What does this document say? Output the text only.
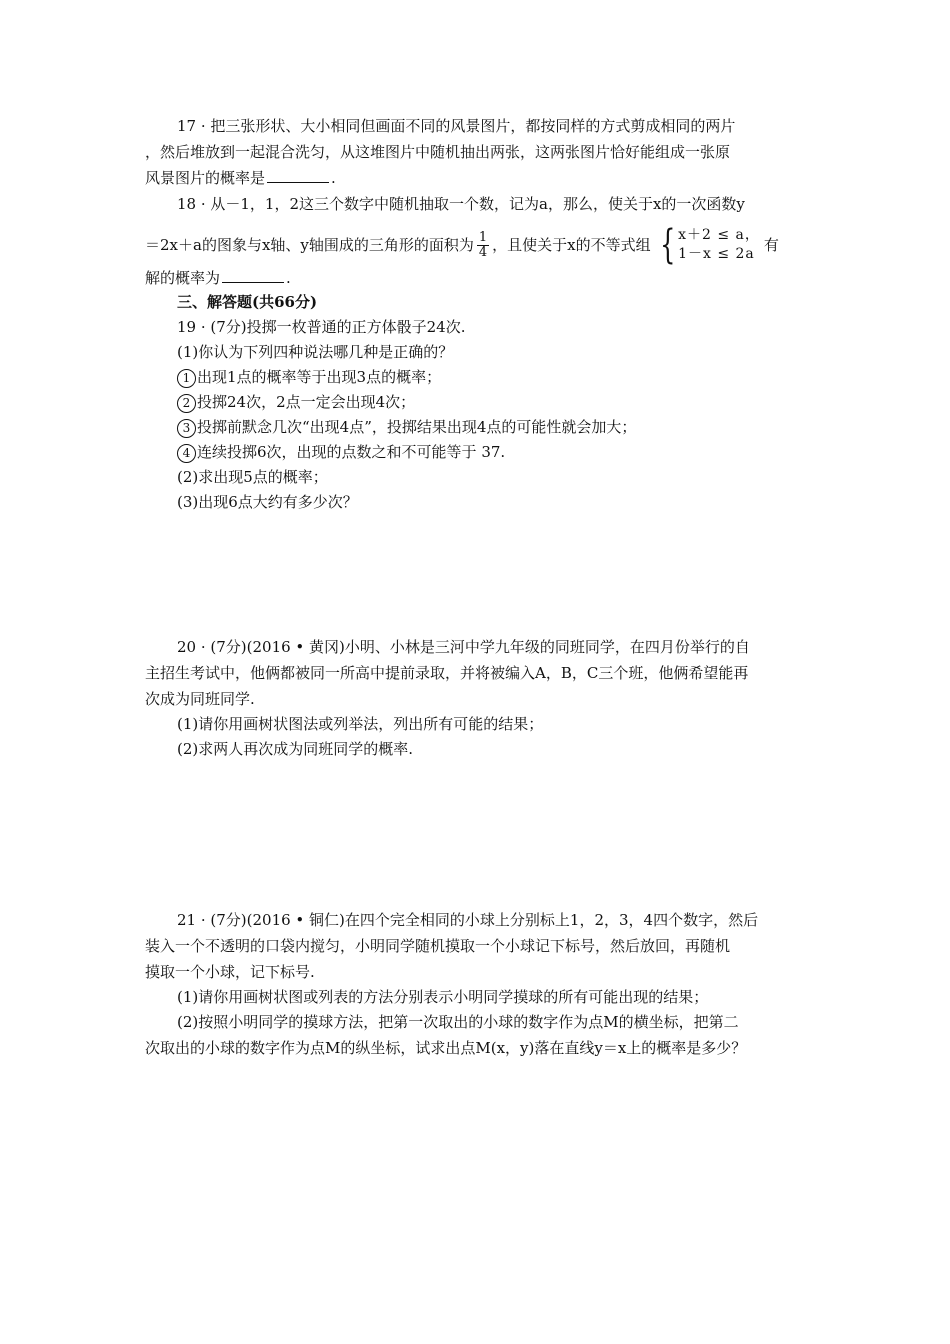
17 · 把三张形状、大小相同但画面不同的风景图片，都按同样的方式剪成相同的两片
，然后堆放到一起混合洗匀，从这堆图片中随机抽出两张，这两张图片恰好能组成一张原
风景图片的概率是	.
18 · 从－1，1，2这三个数字中随机抽取一个数，记为a，那么，使关于x的一次函数y
＝2x＋a的图象与x轴、y轴围成的三角形的面积为 $\frac{1}{4}$ ，且使关于x的不等式组 { x＋2 ≤ a，
1－x ≤ 2a 有
解的概率为	.
三、解答题(共66分)
19 · (7分)投掷一枚普通的正方体骰子24次.
(1)你认为下列四种说法哪几种是正确的？
1 出现1点的概率等于出现3点的概率；
2 投掷24次，2点一定会出现4次；
3 投掷前默念几次“出现4点”，投掷结果出现4点的可能性就会加大；
4 连续投掷6次，出现的点数之和不可能等于 37.
(2)求出现5点的概率；
(3)出现6点大约有多少次？
20 · (7分)(2016 • 黄冈)小明、小林是三河中学九年级的同班同学，在四月份举行的自
主招生考试中，他俩都被同一所高中提前录取，并将被编入A，B，C三个班，他俩希望能再
次成为同班同学.
(1)请你用画树状图法或列举法，列出所有可能的结果；
(2)求两人再次成为同班同学的概率.
21 · (7分)(2016 • 铜仁)在四个完全相同的小球上分别标上1，2，3，4四个数字，然后
装入一个不透明的口袋内搅匀，小明同学随机摸取一个小球记下标号，然后放回，再随机
摸取一个小球，记下标号.
(1)请你用画树状图或列表的方法分别表示小明同学摸球的所有可能出现的结果；
(2)按照小明同学的摸球方法，把第一次取出的小球的数字作为点M的横坐标，把第二
次取出的小球的数字作为点M的纵坐标，试求出点M(x，y)落在直线y＝x上的概率是多少？
